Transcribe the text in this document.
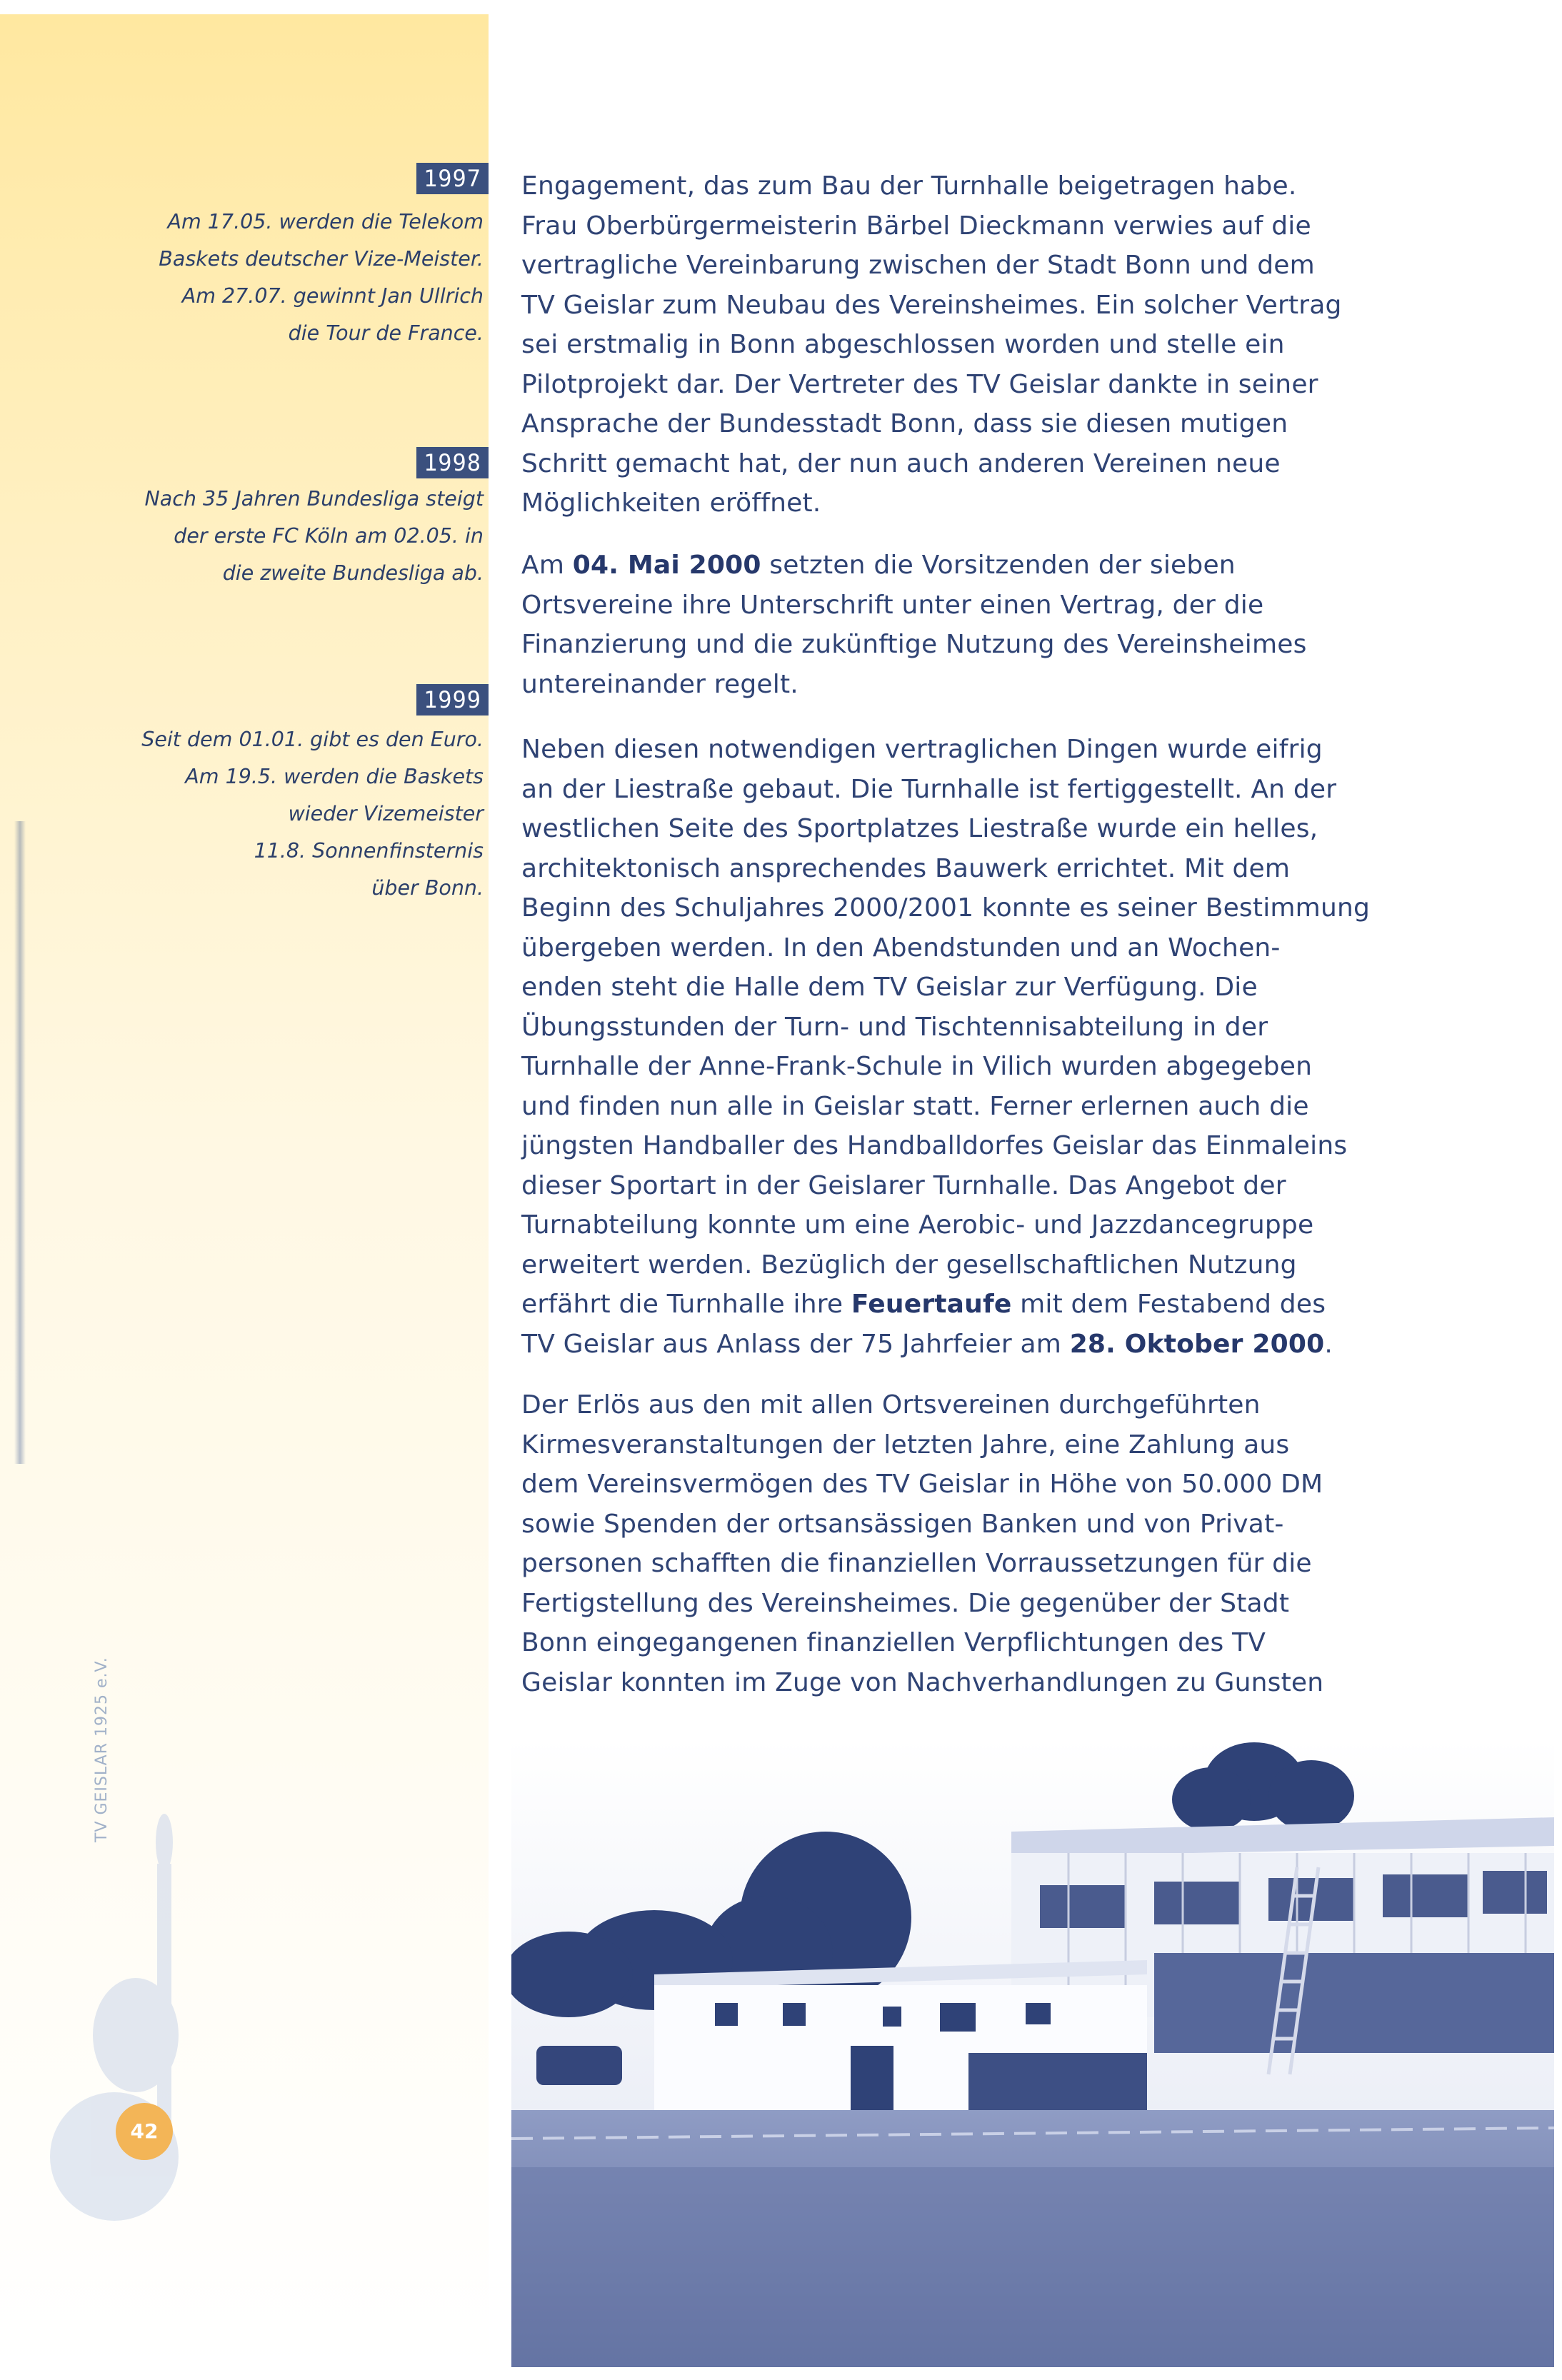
1997
Am 17.05. werden die Telekom
Baskets deutscher Vize-Meister.
Am 27.07. gewinnt Jan Ullrich
die Tour de France.
1998
Nach 35 Jahren Bundesliga steigt
der erste FC Köln am 02.05. in
die zweite Bundesliga ab.
1999
Seit dem 01.01. gibt es den Euro.
Am 19.5. werden die Baskets
wieder Vizemeister
11.8. Sonnenfinsternis
über Bonn.

Engagement, das zum Bau der Turnhalle beigetragen habe.

Frau Oberbürgermeisterin Bärbel Dieckmann verwies auf die

vertragliche Vereinbarung zwischen der Stadt Bonn und dem

TV Geislar zum Neubau des Vereinsheimes. Ein solcher Vertrag

sei erstmalig in Bonn abgeschlossen worden und stelle ein

Pilotprojekt dar. Der Vertreter des TV Geislar dankte in seiner

Ansprache der Bundesstadt Bonn, dass sie diesen mutigen

Schritt gemacht hat, der nun auch anderen Vereinen neue

Möglichkeiten eröffnet.

Am 04. Mai 2000 setzten die Vorsitzenden der sieben

Ortsvereine ihre Unterschrift unter einen Vertrag, der die

Finanzierung und die zukünftige Nutzung des Vereinsheimes

untereinander regelt.

Neben diesen notwendigen vertraglichen Dingen wurde eifrig

an der Liestraße gebaut. Die Turnhalle ist fertiggestellt. An der

westlichen Seite des Sportplatzes Liestraße wurde ein helles,

architektonisch ansprechendes Bauwerk errichtet. Mit dem

Beginn des Schuljahres 2000/2001 konnte es seiner Bestimmung

übergeben werden. In den Abendstunden und an Wochen-

enden steht die Halle dem TV Geislar zur Verfügung. Die

Übungsstunden der Turn- und Tischtennisabteilung in der

Turnhalle der Anne-Frank-Schule in Vilich wurden abgegeben

und finden nun alle in Geislar statt. Ferner erlernen auch die

jüngsten Handballer des Handballdorfes Geislar das Einmaleins

dieser Sportart in der Geislarer Turnhalle. Das Angebot der

Turnabteilung konnte um eine Aerobic- und Jazzdancegruppe

erweitert werden. Bezüglich der gesellschaftlichen Nutzung

erfährt die Turnhalle ihre Feuertaufe mit dem Festabend des

TV Geislar aus Anlass der 75 Jahrfeier am 28. Oktober 2000.

Der Erlös aus den mit allen Ortsvereinen durchgeführten

Kirmesveranstaltungen der letzten Jahre, eine Zahlung aus

dem Vereinsvermögen des TV Geislar in Höhe von 50.000 DM

sowie Spenden der ortsansässigen Banken und von Privat-

personen schafften die finanziellen Vorraussetzungen für die

Fertigstellung des Vereinsheimes. Die gegenüber der Stadt

Bonn eingegangenen finanziellen Verpflichtungen des TV

Geislar konnten im Zuge von Nachverhandlungen zu Gunsten

TV GEISLAR 1925 e.V.
42
